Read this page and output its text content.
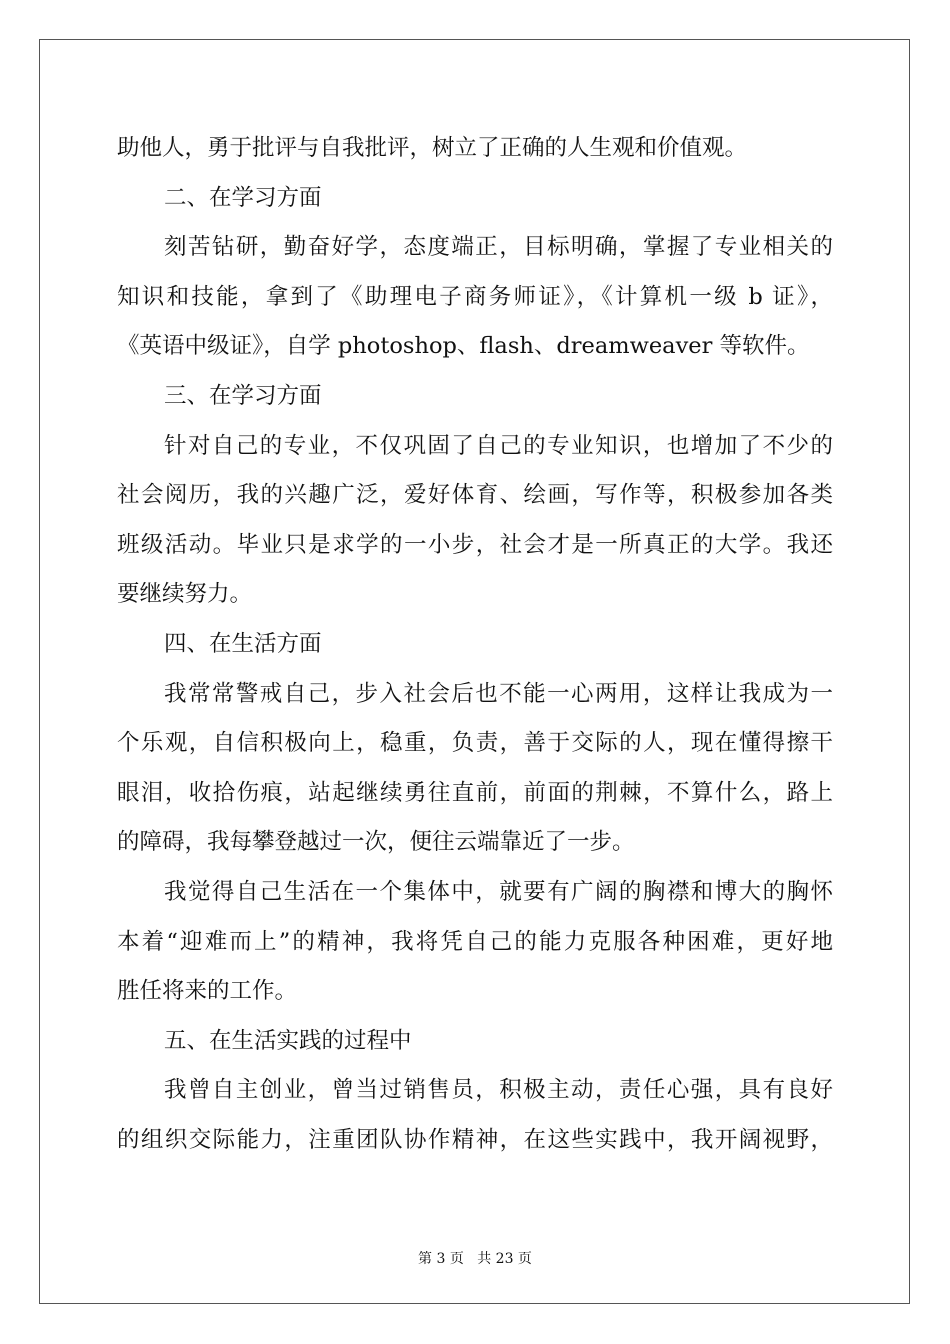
助他人，勇于批评与自我批评，树立了正确的人生观和价值观。
二、在学习方面
刻苦钻研，勤奋好学，态度端正，目标明确，掌握了专业相关的
知识和技能，拿到了《助理电子商务师证》，《计算机一级 b 证》，
《英语中级证》，自学 photoshop、flash、dreamweaver 等软件。
三、在学习方面
针对自己的专业，不仅巩固了自己的专业知识，也增加了不少的
社会阅历，我的兴趣广泛，爱好体育、绘画，写作等，积极参加各类
班级活动。毕业只是求学的一小步，社会才是一所真正的大学。我还
要继续努力。
四、在生活方面
我常常警戒自己，步入社会后也不能一心两用，这样让我成为一
个乐观，自信积极向上，稳重，负责，善于交际的人，现在懂得擦干
眼泪，收拾伤痕，站起继续勇往直前，前面的荆棘，不算什么，路上
的障碍，我每攀登越过一次，便往云端靠近了一步。
我觉得自己生活在一个集体中，就要有广阔的胸襟和博大的胸怀
本着“迎难而上”的精神，我将凭自己的能力克服各种困难，更好地
胜任将来的工作。
五、在生活实践的过程中
我曾自主创业，曾当过销售员，积极主动，责任心强，具有良好
的组织交际能力，注重团队协作精神，在这些实践中，我开阔视野，
第 3 页 共 23 页
